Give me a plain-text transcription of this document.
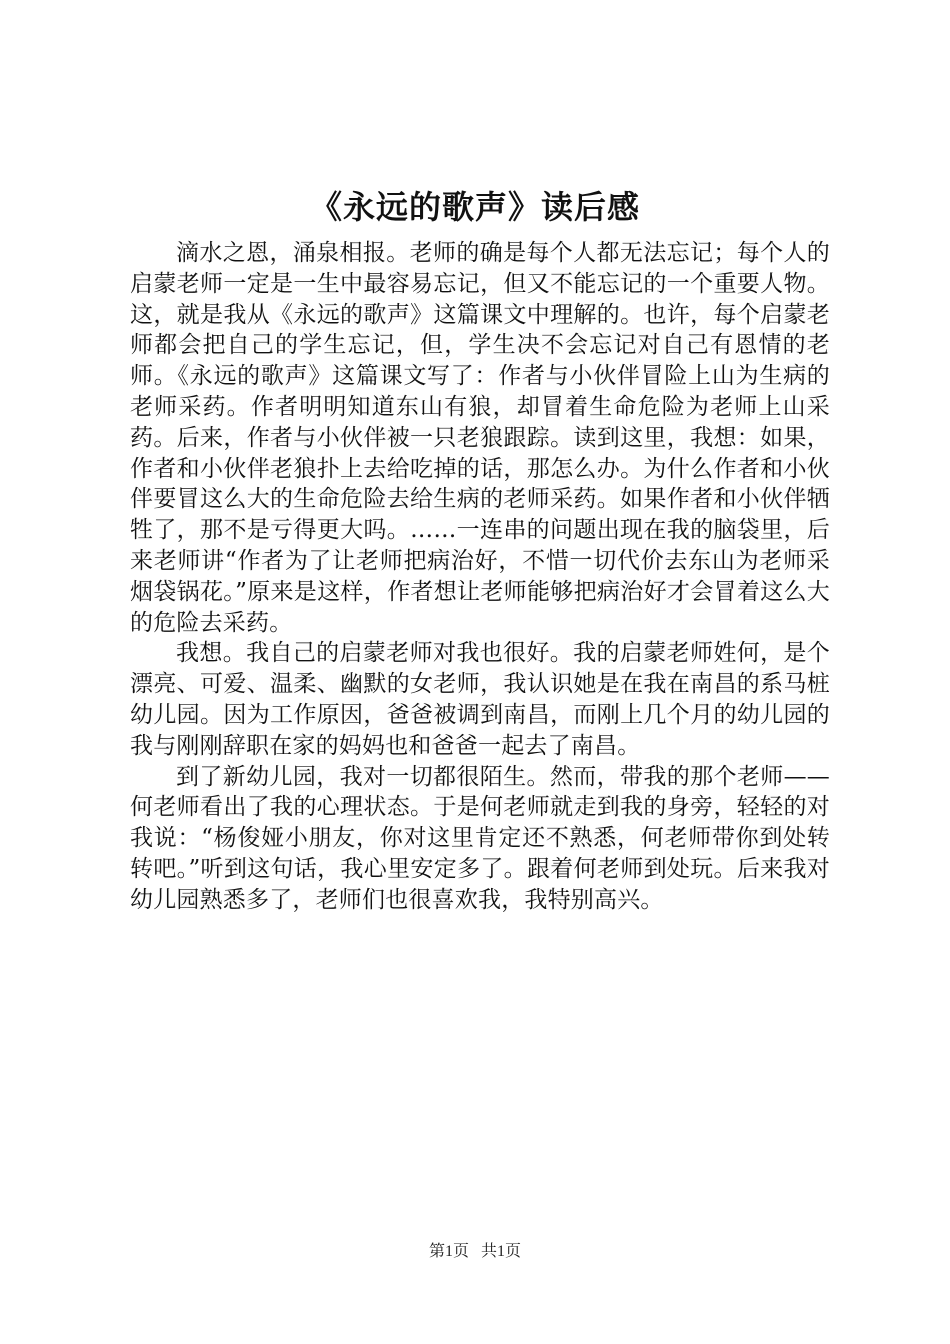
《永远的歌声》读后感

滴水之恩，涌泉相报。老师的确是每个人都无法忘记；每个人的启蒙老师一定是一生中最容易忘记，但又不能忘记的一个重要人物。这，就是我从《永远的歌声》这篇课文中理解的。也许，每个启蒙老师都会把自己的学生忘记，但，学生决不会忘记对自己有恩情的老师。《永远的歌声》这篇课文写了：作者与小伙伴冒险上山为生病的老师采药。作者明明知道东山有狼，却冒着生命危险为老师上山采药。后来，作者与小伙伴被一只老狼跟踪。读到这里，我想：如果，作者和小伙伴老狼扑上去给吃掉的话，那怎么办。为什么作者和小伙伴要冒这么大的生命危险去给生病的老师采药。如果作者和小伙伴牺牲了，那不是亏得更大吗。……一连串的问题出现在我的脑袋里，后来老师讲“作者为了让老师把病治好，不惜一切代价去东山为老师采烟袋锅花。”原来是这样，作者想让老师能够把病治好才会冒着这么大的危险去采药。

我想。我自己的启蒙老师对我也很好。我的启蒙老师姓何，是个漂亮、可爱、温柔、幽默的女老师，我认识她是在我在南昌的系马桩幼儿园。因为工作原因，爸爸被调到南昌，而刚上几个月的幼儿园的我与刚刚辞职在家的妈妈也和爸爸一起去了南昌。

到了新幼儿园，我对一切都很陌生。然而，带我的那个老师——何老师看出了我的心理状态。于是何老师就走到我的身旁，轻轻的对我说：“杨俊娅小朋友，你对这里肯定还不熟悉，何老师带你到处转转吧。”听到这句话，我心里安定多了。跟着何老师到处玩。后来我对幼儿园熟悉多了，老师们也很喜欢我，我特别高兴。

第1页 共1页
